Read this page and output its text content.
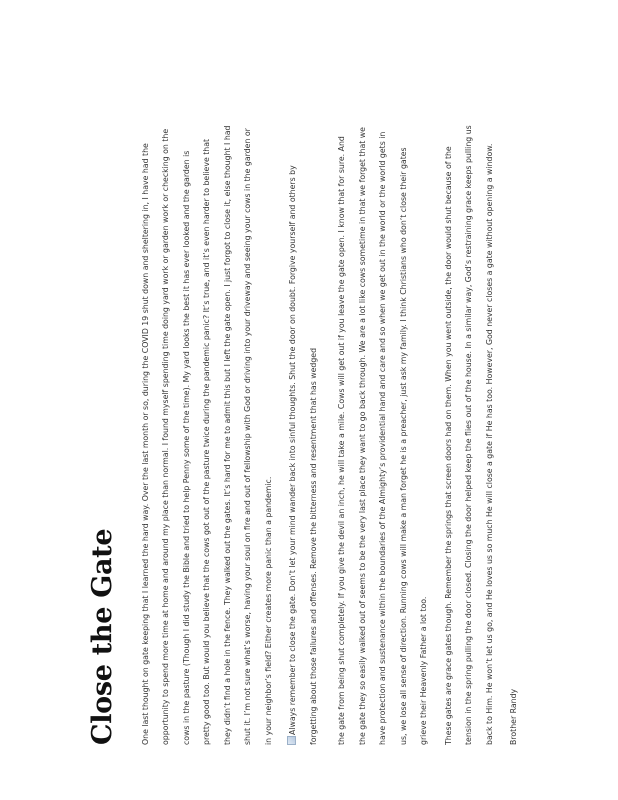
Close the Gate	One last thought on gate keeping that I learned the hard way. Over the last month or so, during the COVID 19 shut down and sheltering in, I have had the opportunity to spend more time at home and around my place than normal. I found myself spending time doing yard work or garden work or checking on the cows in the pasture (Though I did study the Bible and tried to help Penny some of the time). My yard looks the best it has ever looked and the garden is pretty good too. But would you believe that the cows got out of the pasture twice during the pandemic panic? It’s true, and it’s even harder to believe that they didn’t find a hole in the fence. They walked out the gates. It’s hard for me to admit this but I left the gate open. I just forgot to close it, else thought I had shut it. I’m not sure what’s worse, having your soul on fire and out of fellowship with God or driving into your driveway and seeing your cows in the garden or in your neighbor’s field? Either creates more panic than a pandemic.	Always remember to close the gate. Don’t let your mind wander back into sinful thoughts. Shut the door on doubt. Forgive yourself and others by forgetting about those failures and offenses. Remove the bitterness and resentment that has wedged	the gate from being shut completely. If you give the devil an inch, he will take a mile. Cows will get out if you leave the gate open. I know that for sure. And the gate they so easily walked out of seems to be the very last place they want to go back through. We are a lot like cows sometime in that we forget that we have protection and sustenance within the boundaries of the Almighty’s providential hand and care and so when we get out in the world or the world gets in us, we lose all sense of direction. Running cows will make a man forget he is a preacher, just ask my family. I think Christians who don’t close their gates grieve their Heavenly Father a lot too.	These gates are grace gates though. Remember the springs that screen doors had on them. When you went outside, the door would shut because of the tension in the spring pulling the door closed. Closing the door helped keep the flies out of the house. In a similar way, God’s restraining grace keeps pulling us back to Him. He won’t let us go, and He loves us so much He will close a gate if He has too. However, God never closes a gate without opening a window.	Brother Randy
